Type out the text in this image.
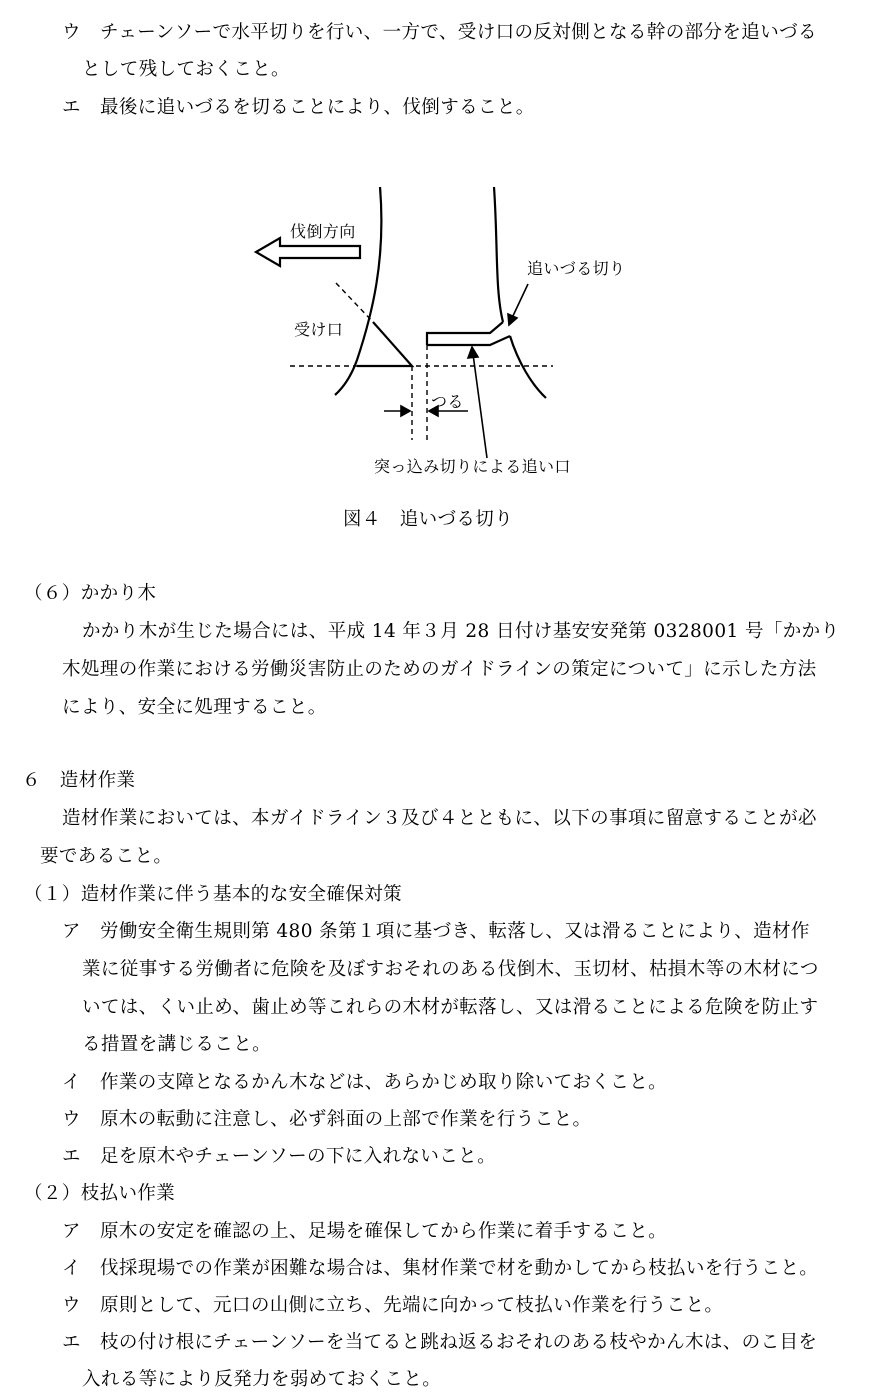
ウ チェーンソーで水平切りを行い、一方で、受け口の反対側となる幹の部分を追いづる
として残しておくこと。
エ 最後に追いづるを切ることにより、伐倒すること。
伐倒方向
追いづる切り
受け口
つる
突っ込み切りによる追い口
図４　追いづる切り
（６）かかり木
かかり木が生じた場合には、平成 14 年３月 28 日付け基安安発第 0328001 号「かかり
木処理の作業における労働災害防止のためのガイドラインの策定について」に示した方法
により、安全に処理すること。
６　造材作業
造材作業においては、本ガイドライン３及び４とともに、以下の事項に留意することが必
要であること。
（１）造材作業に伴う基本的な安全確保対策
ア 労働安全衛生規則第 480 条第１項に基づき、転落し、又は滑ることにより、造材作
業に従事する労働者に危険を及ぼすおそれのある伐倒木、玉切材、枯損木等の木材につ
いては、くい止め、歯止め等これらの木材が転落し、又は滑ることによる危険を防止す
る措置を講じること。
イ 作業の支障となるかん木などは、あらかじめ取り除いておくこと。
ウ 原木の転動に注意し、必ず斜面の上部で作業を行うこと。
エ 足を原木やチェーンソーの下に入れないこと。
（２）枝払い作業
ア 原木の安定を確認の上、足場を確保してから作業に着手すること。
イ 伐採現場での作業が困難な場合は、集材作業で材を動かしてから枝払いを行うこと。
ウ 原則として、元口の山側に立ち、先端に向かって枝払い作業を行うこと。
エ 枝の付け根にチェーンソーを当てると跳ね返るおそれのある枝やかん木は、のこ目を
入れる等により反発力を弱めておくこと。
